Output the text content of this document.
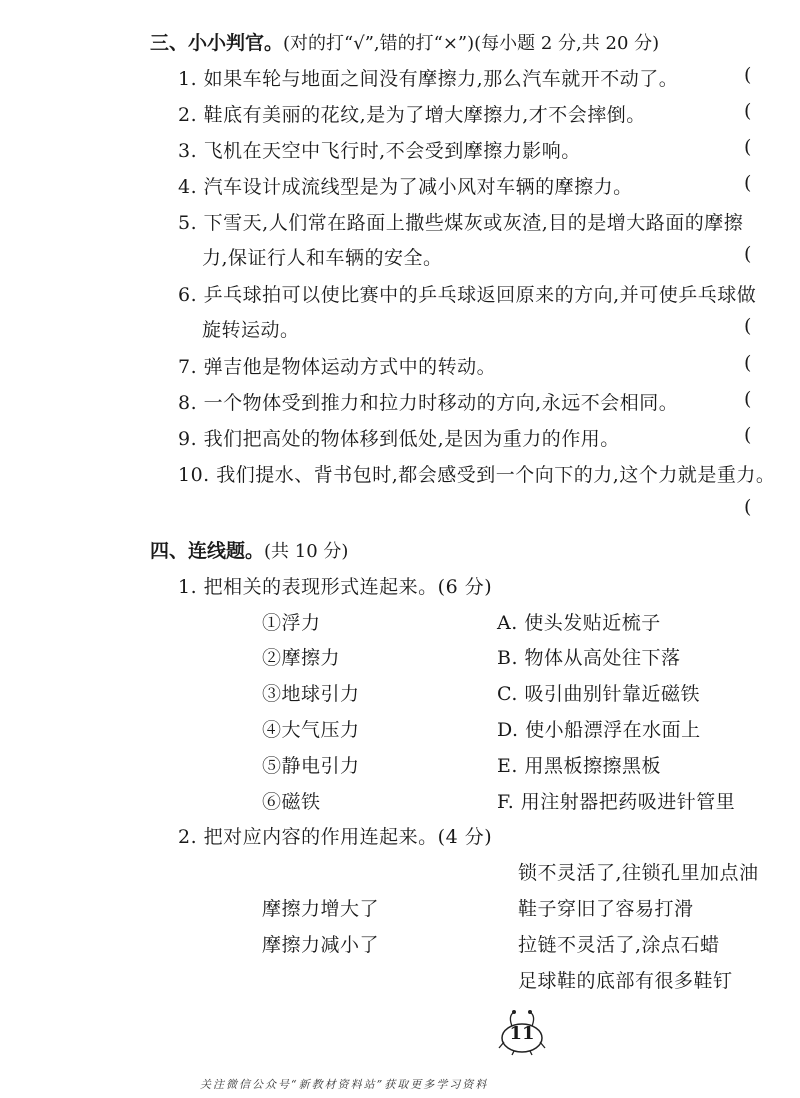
三、小小判官。(对的打“√”,错的打“×”)(每小题 2 分,共 20 分)
1. 如果车轮与地面之间没有摩擦力,那么汽车就开不动了。	(
2. 鞋底有美丽的花纹,是为了增大摩擦力,才不会摔倒。	(
3. 飞机在天空中飞行时,不会受到摩擦力影响。	(
4. 汽车设计成流线型是为了减小风对车辆的摩擦力。	(
5. 下雪天,人们常在路面上撒些煤灰或灰渣,目的是增大路面的摩擦
力,保证行人和车辆的安全。	(
6. 乒乓球拍可以使比赛中的乒乓球返回原来的方向,并可使乒乓球做
旋转运动。	(
7. 弹吉他是物体运动方式中的转动。	(
8. 一个物体受到推力和拉力时移动的方向,永远不会相同。	(
9. 我们把高处的物体移到低处,是因为重力的作用。	(
10. 我们提水、背书包时,都会感受到一个向下的力,这个力就是重力。
(
四、连线题。(共 10 分)
1. 把相关的表现形式连起来。(6 分)
①浮力	A. 使头发贴近梳子
②摩擦力	B. 物体从高处往下落
③地球引力	C. 吸引曲别针靠近磁铁
④大气压力	D. 使小船漂浮在水面上
⑤静电引力	E. 用黑板擦擦黑板
⑥磁铁	F. 用注射器把药吸进针管里
2. 把对应内容的作用连起来。(4 分)
锁不灵活了,往锁孔里加点油
摩擦力增大了	鞋子穿旧了容易打滑
摩擦力减小了	拉链不灵活了,涂点石蜡
足球鞋的底部有很多鞋钉
11
关注微信公众号“新教材资料站”获取更多学习资料
